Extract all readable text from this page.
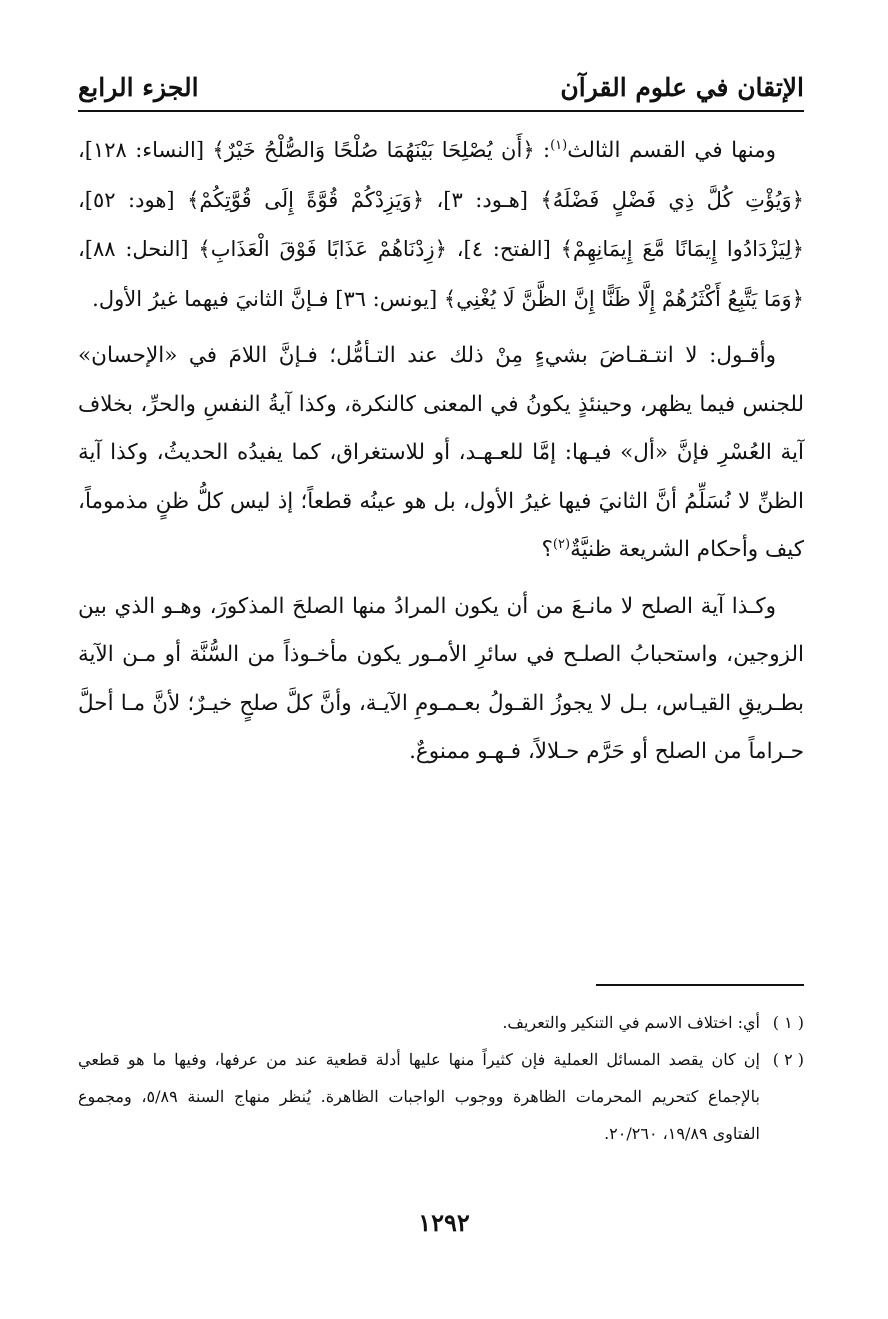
الإتقان في علوم القرآن
الجزء الرابع

ومنها في القسم الثالث$^{(١)}$: ﴿أَن يُصْلِحَا بَيْنَهُمَا صُلْحًا وَالصُّلْحُ خَيْرٌ﴾ [النساء: ١٢٨]، ﴿وَيُؤْتِ كُلَّ ذِي فَضْلٍ فَضْلَهُ﴾ [هـود: ٣]، ﴿وَيَزِدْكُمْ قُوَّةً إِلَى قُوَّتِكُمْ﴾ [هود: ٥٢]، ﴿لِيَزْدَادُوا إِيمَانًا مَّعَ إِيمَانِهِمْ﴾ [الفتح: ٤]، ﴿زِدْنَاهُمْ عَذَابًا فَوْقَ الْعَذَابِ﴾ [النحل: ٨٨]، ﴿وَمَا يَتَّبِعُ أَكْثَرُهُمْ إِلَّا ظَنًّا إِنَّ الظَّنَّ لَا يُغْنِي﴾ [يونس: ٣٦] فـإنَّ الثانيَ فيهما غيرُ الأول.

وأقـول: لا انتـقـاضَ بشيءٍ مِنْ ذلك عند التـأمُّل؛ فـإنَّ اللامَ في «الإحسان» للجنس فيما يظهر، وحينئذٍ يكونُ في المعنى كالنكرة، وكذا آيةُ النفسِ والحرِّ، بخلاف آية العُسْرِ فإنَّ «أل» فيـها: إمَّا للعـهـد، أو للاستغراق، كما يفيدُه الحديثُ، وكذا آية الظنِّ لا نُسَلِّمُ أنَّ الثانيَ فيها غيرُ الأول، بل هو عينُه قطعاً؛ إذ ليس كلُّ ظنٍ مذموماً، كيف وأحكام الشريعة ظنيَّةٌ$^{(٢)}$؟

وكـذا آية الصلح لا مانـعَ من أن يكون المرادُ منها الصلحَ المذكورَ، وهـو الذي بين الزوجين، واستحبابُ الصلـح في سائرِ الأمـور يكون مأخـوذاً من السُّنَّة أو مـن الآية بطـريقِ القيـاس، بـل لا يجوزُ القـولُ بعـمـومِ الآيـة، وأنَّ كلَّ صلحٍ خيـرٌ؛ لأنَّ مـا أحلَّ حـراماً من الصلح أو حَرَّم حـلالاً، فـهـو ممنوعٌ.

( ١ )
أي: اختلاف الاسم في التنكير والتعريف.

( ٢ )
إن كان يقصد المسائل العملية فإن كثيراً منها عليها أدلة قطعية عند من عرفها، وفيها ما هو قطعي بالإجماع كتحريم المحرمات الظاهرة ووجوب الواجبات الظاهرة. يُنظر منهاج السنة ٥/٨٩، ومجموع الفتاوى ١٩/٨٩، ٢٠/٢٦٠.

١٢٩٢
